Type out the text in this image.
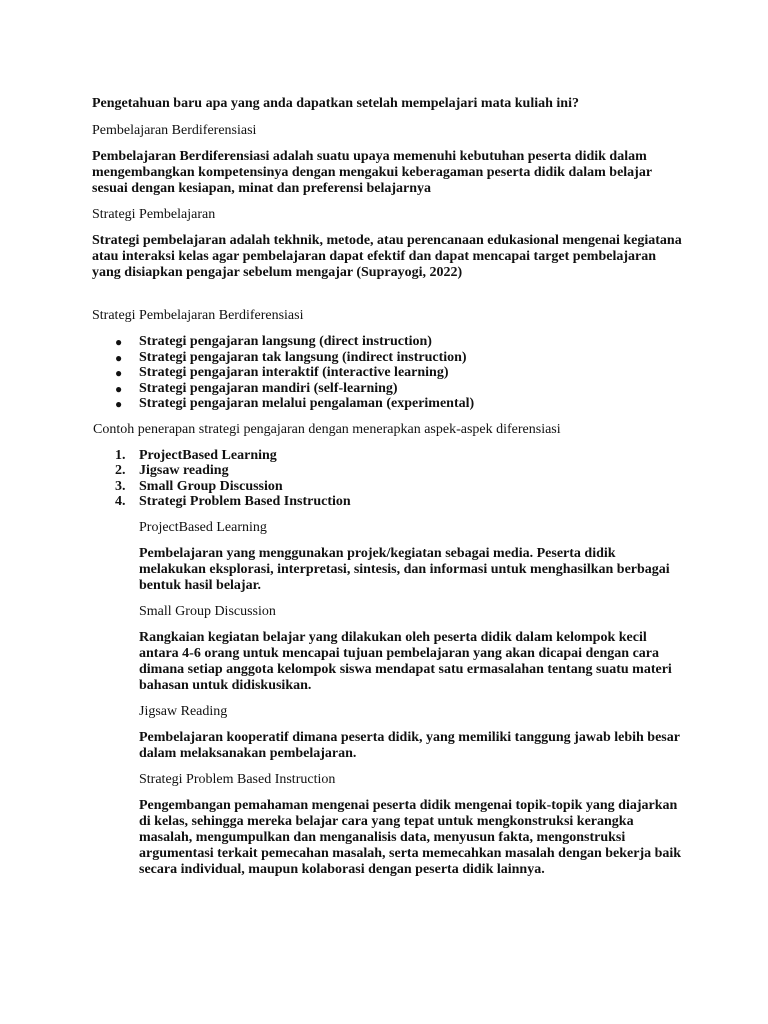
Pengetahuan baru apa yang anda dapatkan setelah mempelajari mata kuliah ini?

Pembelajaran Berdiferensiasi

Pembelajaran Berdiferensiasi adalah suatu upaya memenuhi kebutuhan peserta didik dalam mengembangkan kompetensinya dengan mengakui keberagaman peserta didik dalam belajar sesuai dengan kesiapan, minat dan preferensi belajarnya

Strategi Pembelajaran

Strategi pembelajaran adalah tekhnik, metode, atau perencanaan edukasional mengenai kegiatana atau interaksi kelas agar pembelajaran dapat efektif dan dapat mencapai target pembelajaran yang disiapkan pengajar sebelum mengajar (Suprayogi, 2022)

Strategi Pembelajaran Berdiferensiasi

● Strategi pengajaran langsung (direct instruction)
● Strategi pengajaran tak langsung (indirect instruction)
● Strategi pengajaran interaktif (interactive learning)
● Strategi pengajaran mandiri (self-learning)
● Strategi pengajaran melalui pengalaman (experimental)

Contoh penerapan strategi pengajaran dengan menerapkan aspek-aspek diferensiasi

1. ProjectBased Learning
2. Jigsaw reading
3. Small Group Discussion
4. Strategi Problem Based Instruction

ProjectBased Learning

Pembelajaran yang menggunakan projek/kegiatan sebagai media. Peserta didik melakukan eksplorasi, interpretasi, sintesis, dan informasi untuk menghasilkan berbagai bentuk hasil belajar.

Small Group Discussion

Rangkaian kegiatan belajar yang dilakukan oleh peserta didik dalam kelompok kecil antara 4-6 orang untuk mencapai tujuan pembelajaran yang akan dicapai dengan cara dimana setiap anggota kelompok siswa mendapat satu ermasalahan tentang suatu materi bahasan untuk didiskusikan.

Jigsaw Reading

Pembelajaran kooperatif dimana peserta didik, yang memiliki tanggung jawab lebih besar dalam melaksanakan pembelajaran.

Strategi Problem Based Instruction

Pengembangan pemahaman mengenai peserta didik mengenai topik-topik yang diajarkan di kelas, sehingga mereka belajar cara yang tepat untuk mengkonstruksi kerangka masalah, mengumpulkan dan menganalisis data, menyusun fakta, mengonstruksi argumentasi terkait pemecahan masalah, serta memecahkan masalah dengan bekerja baik secara individual, maupun kolaborasi dengan peserta didik lainnya.
